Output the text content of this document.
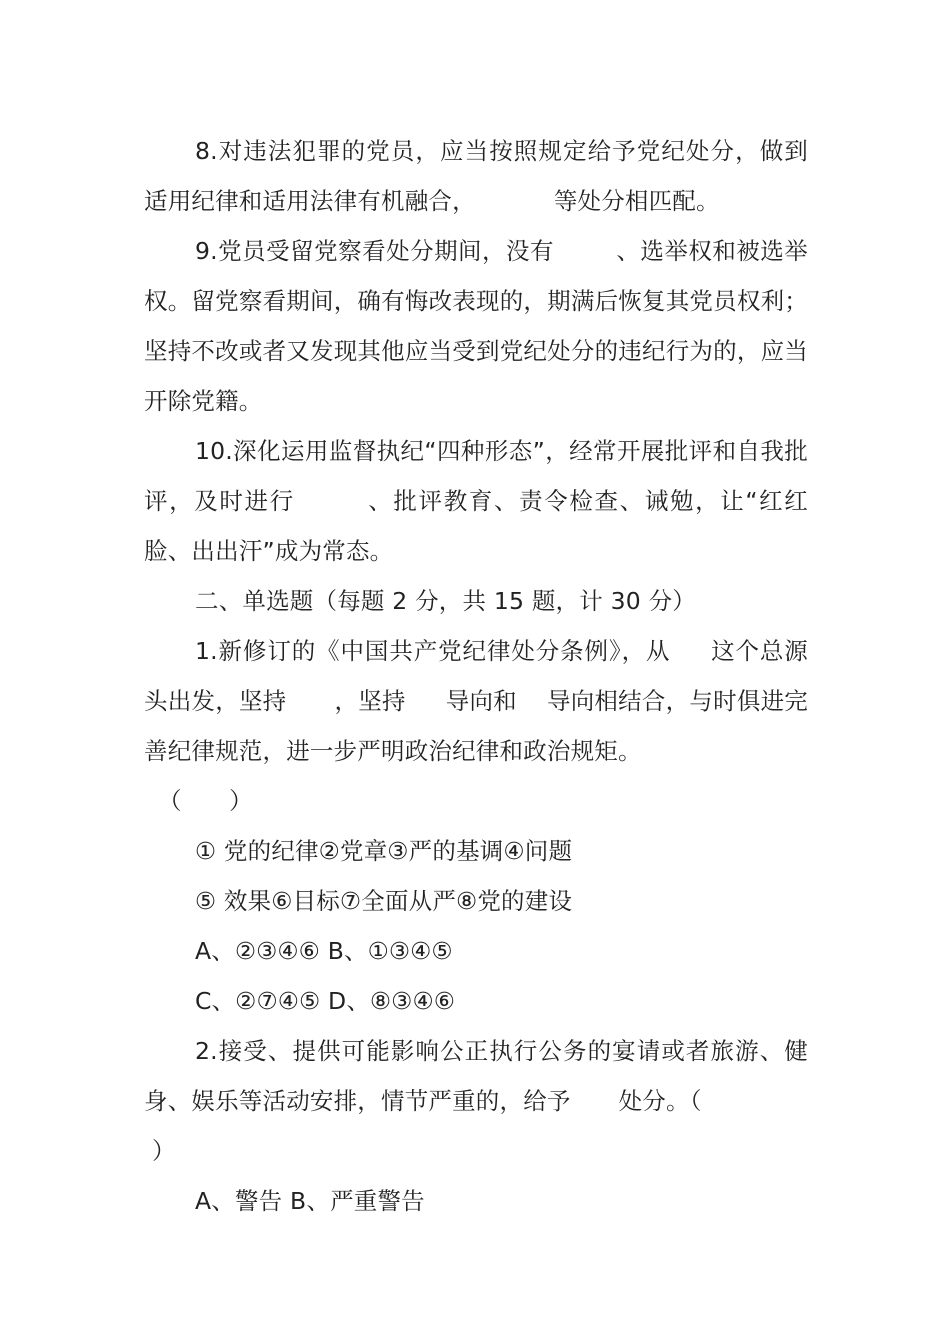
8.对违法犯罪的党员，应当按照规定给予党纪处分，做到适用纪律和适用法律有机融合，	等处分相匹配。

9.党员受留党察看处分期间，没有	、选举权和被选举权。留党察看期间，确有悔改表现的，期满后恢复其党员权利；坚持不改或者又发现其他应当受到党纪处分的违纪行为的，应当开除党籍。

10.深化运用监督执纪“四种形态”，经常开展批评和自我批评，及时进行	、批评教育、责令检查、诫勉，让“红红脸、出出汗”成为常态。

二、单选题（每题 2 分，共 15 题，计 30 分）

1.新修订的《中国共产党纪律处分条例》，从 这个总源头出发，坚持 ，坚持 导向和 导向相结合，与时俱进完善纪律规范，进一步严明政治纪律和政治规矩。

（　　）

① 党的纪律②党章③严的基调④问题

⑤ 效果⑥目标⑦全面从严⑧党的建设

A、②③④⑥ B、①③④⑤

C、②⑦④⑤ D、⑧③④⑥

2.接受、提供可能影响公正执行公务的宴请或者旅游、健身、娱乐等活动安排，情节严重的，给予 处分。（

）

A、警告 B、严重警告
